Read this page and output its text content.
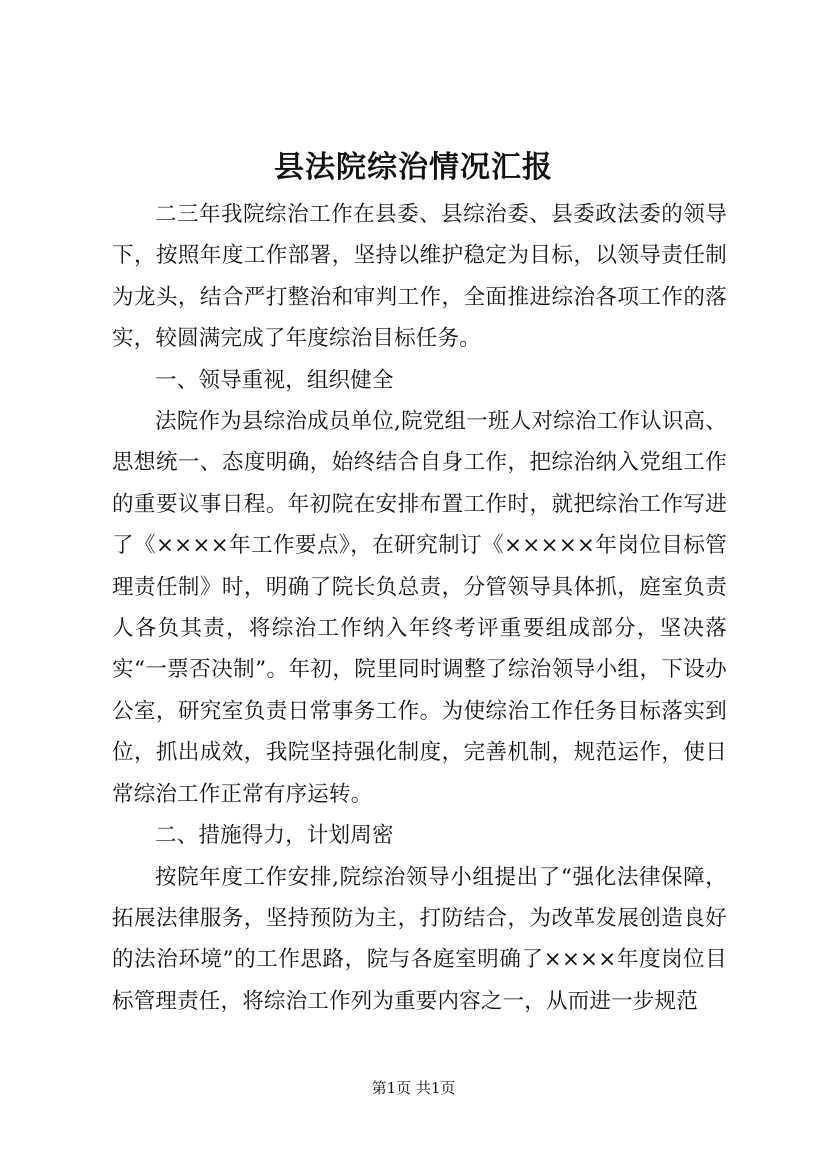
县法院综治情况汇报

二三年我院综治工作在县委、县综治委、县委政法委的领导下，按照年度工作部署，坚持以维护稳定为目标，以领导责任制为龙头，结合严打整治和审判工作，全面推进综治各项工作的落实，较圆满完成了年度综治目标任务。

一、领导重视，组织健全

法院作为县综治成员单位,院党组一班人对综治工作认识高、思想统一、态度明确，始终结合自身工作，把综治纳入党组工作的重要议事日程。年初院在安排布置工作时，就把综治工作写进了《××××年工作要点》，在研究制订《×××××年岗位目标管理责任制》时，明确了院长负总责，分管领导具体抓，庭室负责人各负其责，将综治工作纳入年终考评重要组成部分，坚决落实“一票否决制”。年初，院里同时调整了综治领导小组，下设办公室，研究室负责日常事务工作。为使综治工作任务目标落实到位，抓出成效，我院坚持强化制度，完善机制，规范运作，使日常综治工作正常有序运转。

二、措施得力，计划周密

按院年度工作安排,院综治领导小组提出了“强化法律保障，拓展法律服务，坚持预防为主，打防结合，为改革发展创造良好的法治环境”的工作思路，院与各庭室明确了××××年度岗位目标管理责任，将综治工作列为重要内容之一，从而进一步规范

第1页 共1页
